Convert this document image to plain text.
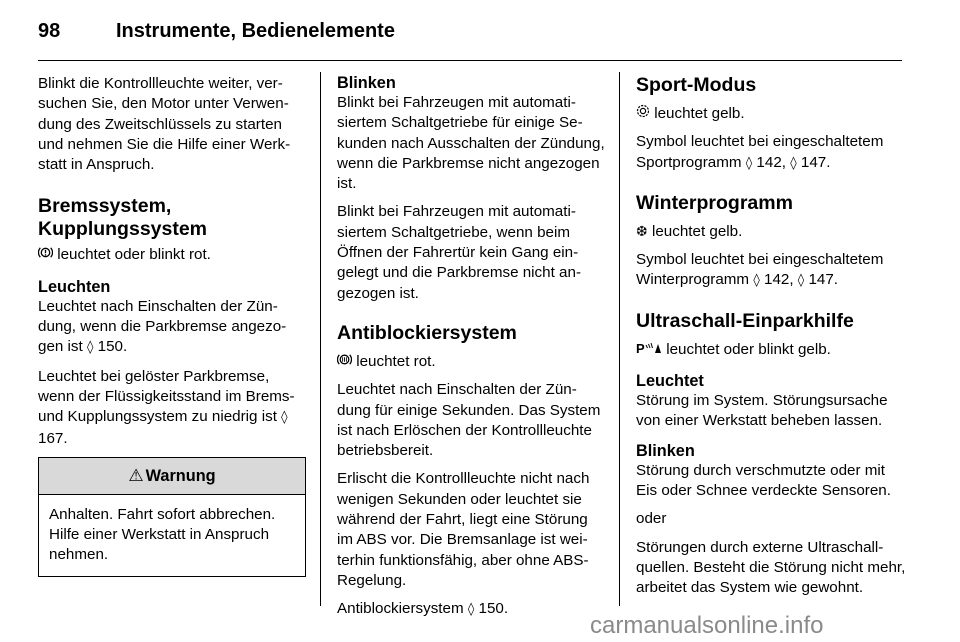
98	Instrumente, Bedienelemente

Blinkt die Kontrollleuchte weiter, versuchen Sie, den Motor unter Verwendung des Zweitschlüssels zu starten und nehmen Sie die Hilfe einer Werkstatt in Anspruch.

Bremssystem,
Kupplungssystem

leuchtet oder blinkt rot.

Leuchten

Leuchtet nach Einschalten der Zündung, wenn die Parkbremse angezogen ist ◊ 150.

Leuchtet bei gelöster Parkbremse, wenn der Flüssigkeitsstand im Brems- und Kupplungssystem zu niedrig ist ◊ 167.

⚠ Warnung
Anhalten. Fahrt sofort abbrechen. Hilfe einer Werkstatt in Anspruch nehmen.
Blinken

Blinkt bei Fahrzeugen mit automatisiertem Schaltgetriebe für einige Sekunden nach Ausschalten der Zündung, wenn die Parkbremse nicht angezogen ist.

Blinkt bei Fahrzeugen mit automatisiertem Schaltgetriebe, wenn beim Öffnen der Fahrertür kein Gang eingelegt und die Parkbremse nicht angezogen ist.

Antiblockiersystem

leuchtet rot.

Leuchtet nach Einschalten der Zündung für einige Sekunden. Das System ist nach Erlöschen der Kontrollleuchte betriebsbereit.

Erlischt die Kontrollleuchte nicht nach wenigen Sekunden oder leuchtet sie während der Fahrt, liegt eine Störung im ABS vor. Die Bremsanlage ist weiterhin funktionsfähig, aber ohne ABS-Regelung.

Antiblockiersystem ◊ 150.

Sport-Modus

leuchtet gelb.

Symbol leuchtet bei eingeschaltetem Sportprogramm ◊ 142, ◊ 147.

Winterprogramm

❆ leuchtet gelb.

Symbol leuchtet bei eingeschaltetem Winterprogramm ◊ 142, ◊ 147.

Ultraschall-Einparkhilfe

P leuchtet oder blinkt gelb.

Leuchtet

Störung im System. Störungsursache von einer Werkstatt beheben lassen.

Blinken

Störung durch verschmutzte oder mit Eis oder Schnee verdeckte Sensoren.

oder

Störungen durch externe Ultraschallquellen. Besteht die Störung nicht mehr, arbeitet das System wie gewohnt.

carmanualsonline.info
